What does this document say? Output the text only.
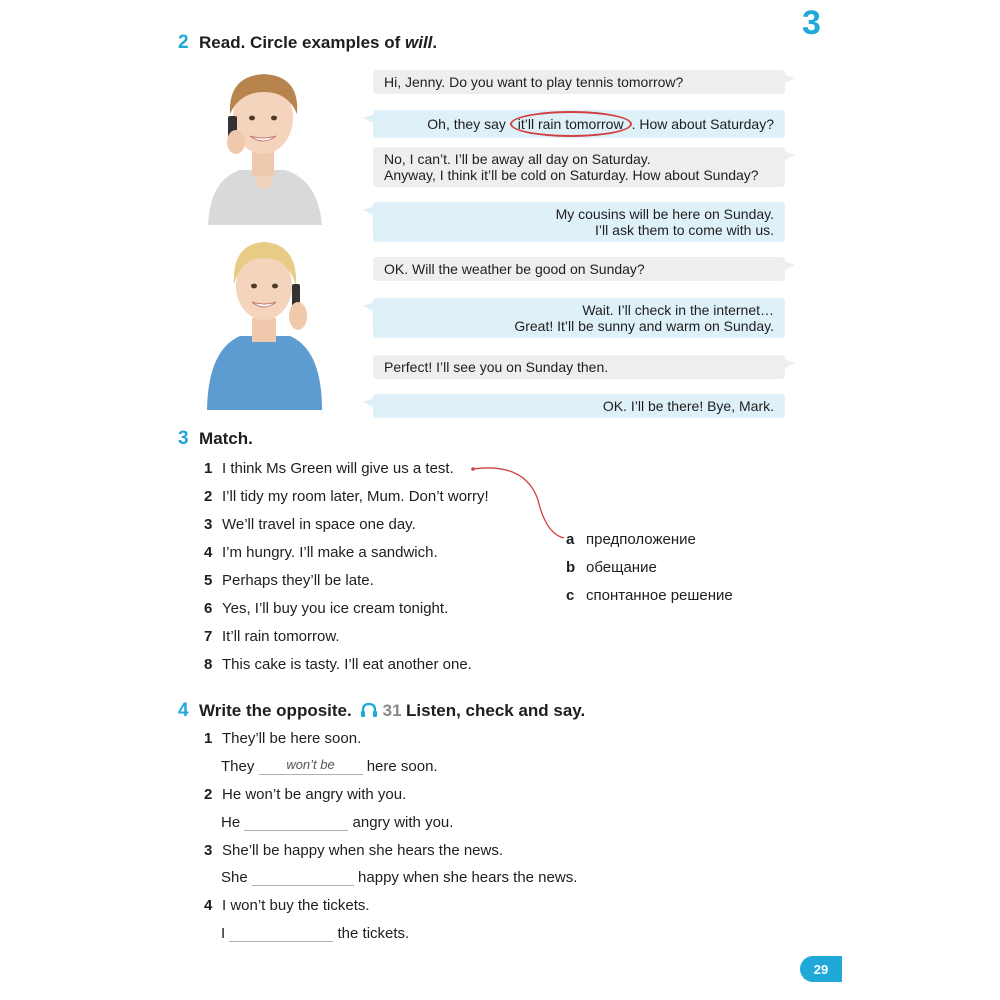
3
2 Read. Circle examples of will.
Hi, Jenny. Do you want to play tennis tomorrow?
Oh, they say it’ll rain tomorrow . How about Saturday?
No, I can’t. I’ll be away all day on Saturday.
Anyway, I think it’ll be cold on Saturday. How about Sunday?
My cousins will be here on Sunday.
I’ll ask them to come with us.
OK. Will the weather be good on Sunday?
Wait. I’ll check in the internet…
Great! It’ll be sunny and warm on Sunday.
Perfect! I’ll see you on Sunday then.
OK. I’ll be there! Bye, Mark.
3 Match.
1 I think Ms Green will give us a test.
2 I’ll tidy my room later, Mum. Don’t worry!
3 We’ll travel in space one day.
4 I’m hungry. I’ll make a sandwich.
5 Perhaps they’ll be late.
6 Yes, I’ll buy you ice cream tonight.
7 It’ll rain tomorrow.
8 This cake is tasty. I’ll eat another one.
a предположение
b обещание
c спонтанное решение
4 Write the opposite. 31 Listen, check and say.
1 They’ll be here soon.
They won’t be here soon.
2 He won’t be angry with you.
He	angry with you.
3 She’ll be happy when she hears the news.
She	happy when she hears the news.
4 I won’t buy the tickets.
I	the tickets.
29
